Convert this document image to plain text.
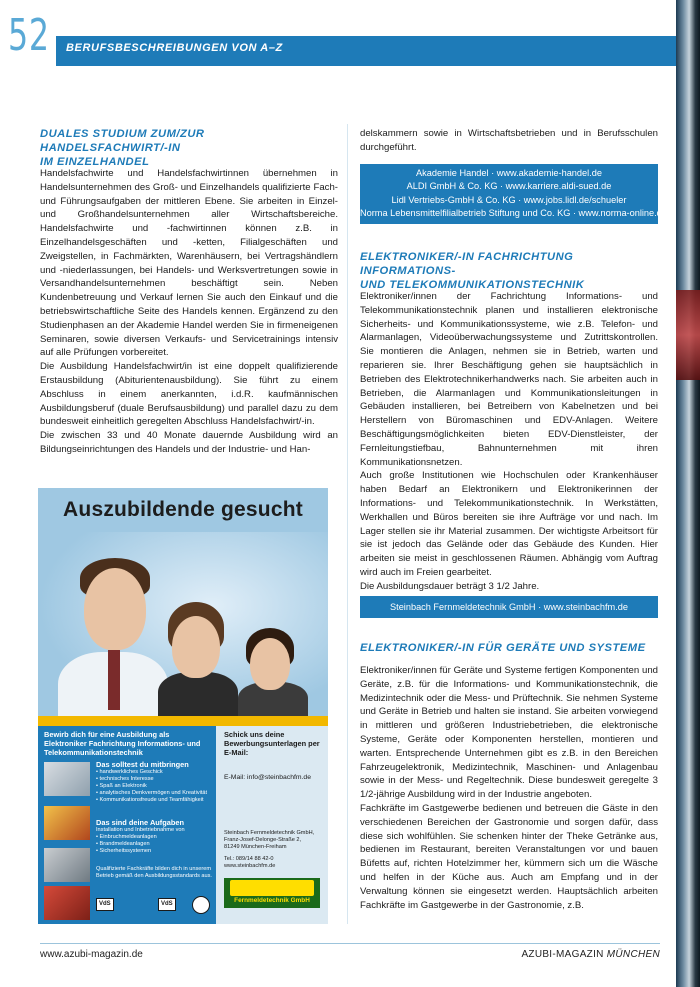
52	BERUFSBESCHREIBUNGEN VON A–Z
DUALES STUDIUM ZUM/ZUR HANDELSFACHWIRT/-IN
IM EINZELHANDEL

Handelsfachwirte und Handelsfachwirtinnen übernehmen in Handelsunternehmen des Groß- und Einzelhandels qualifizierte Fach- und Führungsaufgaben der mittleren Ebene. Sie arbeiten in Einzel- und Großhandelsunternehmen aller Wirtschaftsbereiche. Handelsfachwirte und -fachwirtinnen können z.B. in Einzelhandelsgeschäften und -ketten, Filialgeschäften und Zweigstellen, in Fachmärkten, Warenhäusern, bei Vertragshändlern und -niederlassungen, bei Handels- und Werksvertretungen sowie in Versandhandelsunternehmen beschäftigt sein. Neben Kundenbetreuung und Verkauf lernen Sie auch den Einkauf und die betriebswirtschaftliche Seite des Handels kennen. Ergänzend zu den Studienphasen an der Akademie Handel werden Sie in firmeneigenen Seminaren, sowie diversen Verkaufs- und Servicetrainings intensiv auf alle Prüfungen vorbereitet.

Die Ausbildung Handelsfachwirt/in ist eine doppelt qualifizierende Erstausbildung (Abiturientenausbildung). Sie führt zu einem Abschluss in einem anerkannten, i.d.R. kaufmännischen Ausbildungsberuf (duale Berufsausbildung) und parallel dazu zu dem bundesweit einheitlich geregelten Abschluss Handelsfachwirt/-in.

Die zwischen 33 und 40 Monate dauernde Ausbildung wird an Bildungseinrichtungen des Handels und der Industrie- und Han-

Auszubildende gesucht
Bewirb dich für eine Ausbildung als Elektroniker Fachrichtung Informations- und Telekommunikationstechnik
Das solltest du mitbringen
• handwerkliches Geschick
• technisches Interesse
• Spaß an Elektronik
• analytisches Denkvermögen und Kreativität
• Kommunikationsfreude und Teamfähigkeit
Das sind deine Aufgaben
Installation und Inbetriebnahme von
• Einbruchmeldeanlagen
• Brandmeldeanlagen
• Sicherheitssystemen
Qualifizierte Fachkräfte bilden dich in unserem Betrieb gemäß den Ausbildungsstandards aus.
VdS	VdS
Schick uns deine Bewerbungsunterlagen per E-Mail:
E-Mail: info@steinbachfm.de
Steinbach Fernmeldetechnik GmbH,
Franz-Josef-Delonge-Straße 2,
81249 München-Freiham
Tel.: 089/14 88 42-0
www.steinbachfm.de
Fernmeldetechnik GmbH
delskammern sowie in Wirtschaftsbetrieben und in Berufsschulen durchgeführt.
Akademie Handel · www.akademie-handel.de
ALDI GmbH & Co. KG · www.karriere.aldi-sued.de
Lidl Vertriebs-GmbH & Co. KG · www.jobs.lidl.de/schueler
Norma Lebensmittelfilialbetrieb Stiftung und Co. KG · www.norma-online.de
ELEKTRONIKER/-IN FACHRICHTUNG INFORMATIONS-
UND TELEKOMMUNIKATIONSTECHNIK

Elektroniker/innen der Fachrichtung Informations- und Telekommunikationstechnik planen und installieren elektronische Sicherheits- und Kommunikationssysteme, wie z.B. Telefon- und Alarmanlagen, Videoüberwachungssysteme und Zutrittskontrollen. Sie montieren die Anlagen, nehmen sie in Betrieb, warten und reparieren sie. Ihrer Beschäftigung gehen sie hauptsächlich in Betrieben des Elektrotechnikerhandwerks nach. Sie arbeiten auch in Betrieben, die Alarmanlagen und Kommunikationsleitungen in Gebäuden installieren, bei Betreibern von Kabelnetzen und bei Herstellern von Büromaschinen und EDV-Anlagen. Weitere Beschäftigungsmöglichkeiten bieten EDV-Dienstleister, der Fernleitungstiefbau, Bahnunternehmen mit ihren Kommunikationsnetzen.

Auch große Institutionen wie Hochschulen oder Krankenhäuser haben Bedarf an Elektronikern und Elektronikerinnen der Informations- und Telekommunikationstechnik. In Werkstätten, Werkhallen und Büros bereiten sie ihre Aufträge vor und nach. Im Lager stellen sie ihr Material zusammen. Der wichtigste Arbeitsort für sie ist jedoch das Gelände oder das Gebäude des Kunden. Hier arbeiten sie meist in geschlossenen Räumen. Abhängig vom Auftrag wird auch im Freien gearbeitet.

Die Ausbildungsdauer beträgt 3 1/2 Jahre.

Steinbach Fernmeldetechnik GmbH · www.steinbachfm.de
ELEKTRONIKER/-IN FÜR GERÄTE UND SYSTEME

Elektroniker/innen für Geräte und Systeme fertigen Komponenten und Geräte, z.B. für die Informations- und Kommunikationstechnik, die Medizintechnik oder die Mess- und Prüftechnik. Sie nehmen Systeme und Geräte in Betrieb und halten sie instand. Sie arbeiten vorwiegend in mittleren und größeren Industriebetrieben, die elektronische Systeme, Geräte oder Komponenten herstellen, montieren und warten. Entsprechende Unternehmen gibt es z.B. in den Bereichen Fahrzeugelektronik, Medizintechnik, Maschinen- und Anlagenbau sowie in der Mess- und Regeltechnik. Diese bundesweit geregelte 3 1/2-jährige Ausbildung wird in der Industrie angeboten.

Fachkräfte im Gastgewerbe bedienen und betreuen die Gäste in den verschiedenen Bereichen der Gastronomie und sorgen dafür, dass diese sich wohlfühlen. Sie schenken hinter der Theke Getränke aus, bedienen im Restaurant, bereiten Veranstaltungen vor und bauen Büfetts auf, richten Hotelzimmer her, kümmern sich um die Wäsche und helfen in der Küche aus. Auch am Empfang und in der Verwaltung können sie eingesetzt werden. Hauptsächlich arbeiten Fachkräfte im Gastgewerbe in der Gastronomie, z.B.

www.azubi-magazin.de	AZUBI-MAGAZIN MÜNCHEN
